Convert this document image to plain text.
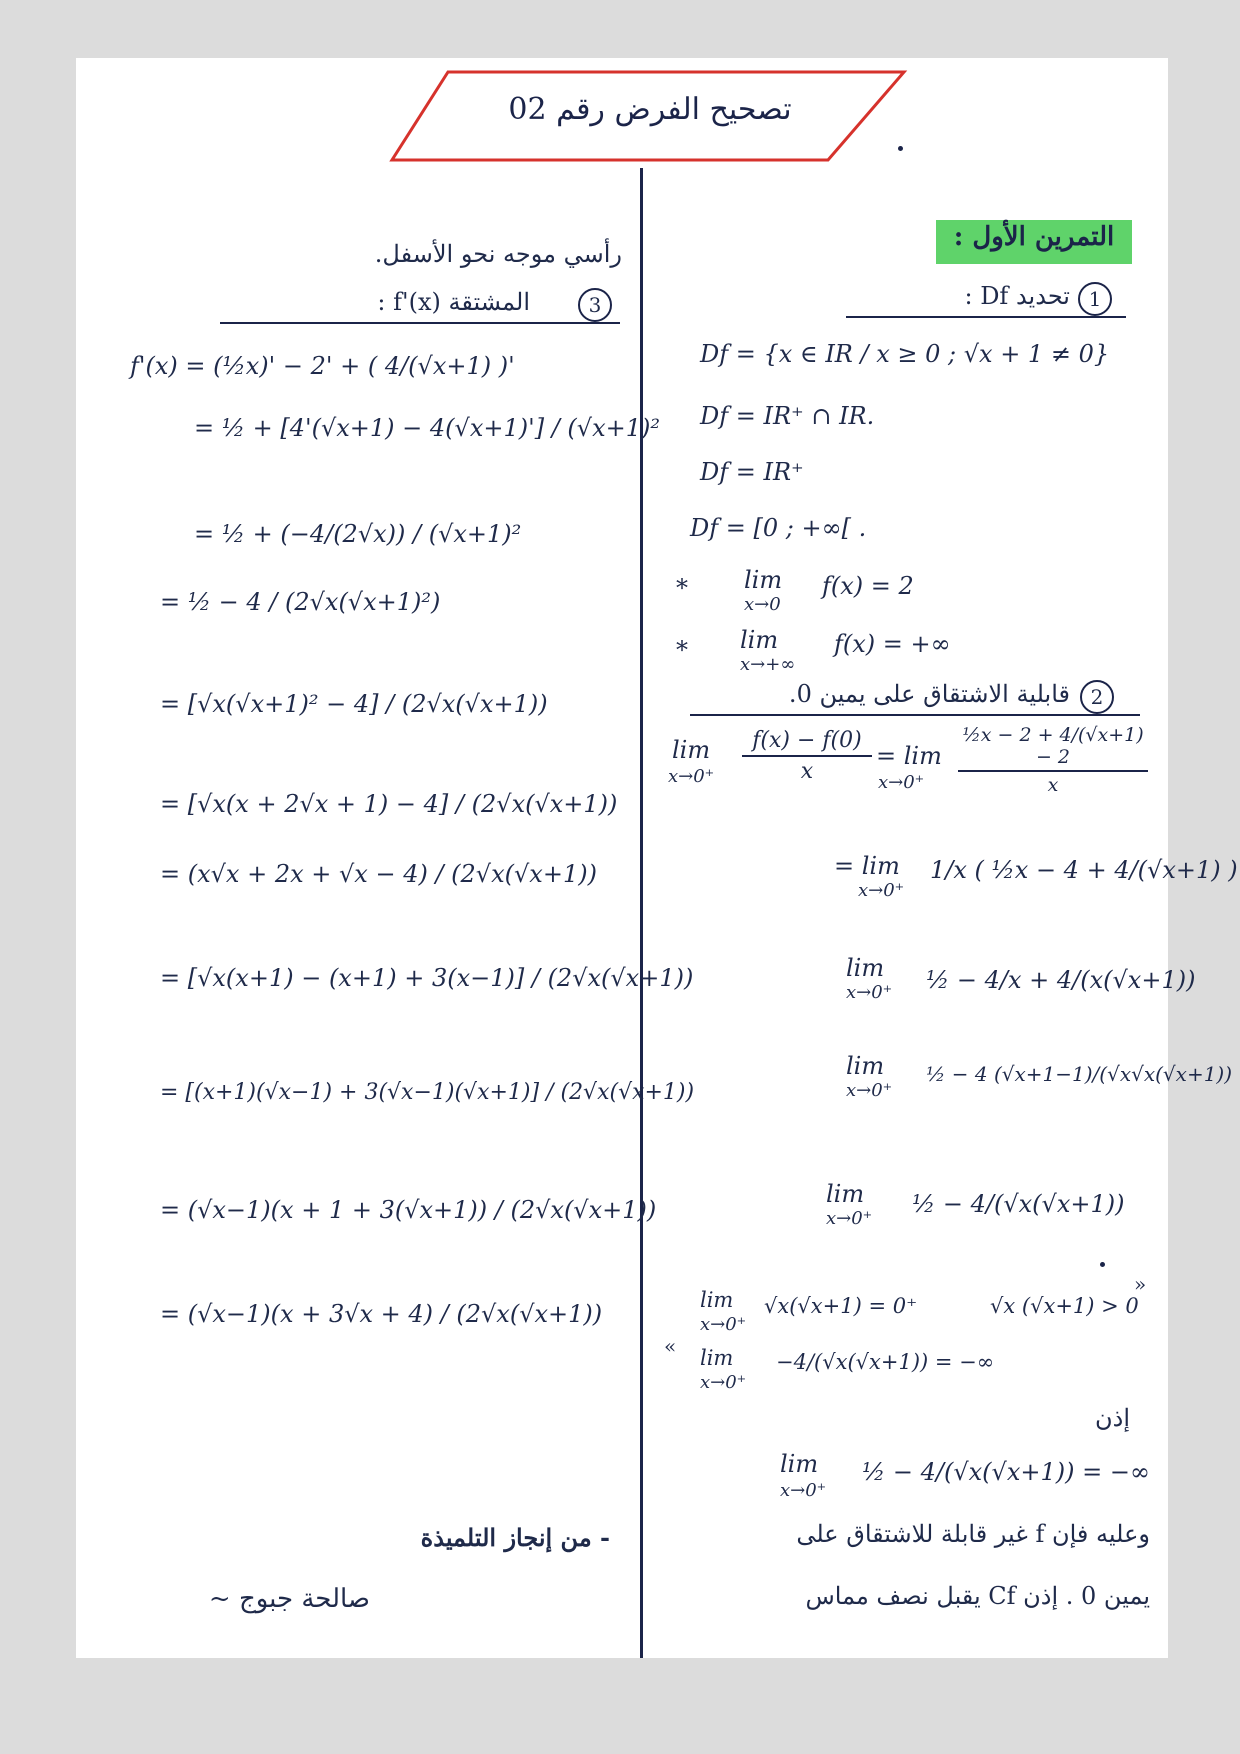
تصحيح الفرض رقم 02
التمرين الأول :
1
تحديد Df :
Df = {x ∈ IR / x ≥ 0 ; √x + 1 ≠ 0}
Df = IR⁺ ∩ IR.
Df = IR⁺
Df = [0 ; +∞[ .
* lim
x→0
f(x) = 2
* lim
x→+∞
f(x) = +∞
2
قابلية الاشتقاق على يمين 0.
lim
x→0⁺
f(x) − f(0)
x
= lim
x→0⁺
½x − 2 + 4/(√x+1) − 2
x
= lim
x→0⁺
1/x ( ½x − 4 + 4/(√x+1) )
lim
x→0⁺ ½ − 4/x + 4/(x(√x+1))
lim
x→0⁺
½ − 4 (√x+1−1)/(√x√x(√x+1))
lim
x→0⁺
½ − 4/(√x(√x+1))
»
lim
x→0⁺
√x(√x+1) = 0⁺	√x (√x+1) > 0
« lim
x→0⁺
−4/(√x(√x+1)) = −∞
إذن
lim
x→0⁺
½ − 4/(√x(√x+1)) = −∞
وعليه فإن f غير قابلة للاشتقاق على
يمين 0 . إذن Cf يقبل نصف مماس
رأسي موجه نحو الأسفل.
3
المشتقة f'(x) :
f'(x) = (½x)' − 2' + ( 4/(√x+1) )'
= ½ + [4'(√x+1) − 4(√x+1)'] / (√x+1)²
= ½ + (−4/(2√x)) / (√x+1)²
= ½ − 4 / (2√x(√x+1)²)
= [√x(√x+1)² − 4] / (2√x(√x+1))
= [√x(x + 2√x + 1) − 4] / (2√x(√x+1))
= (x√x + 2x + √x − 4) / (2√x(√x+1))
= [√x(x+1) − (x+1) + 3(x−1)] / (2√x(√x+1))
= [(x+1)(√x−1) + 3(√x−1)(√x+1)] / (2√x(√x+1))
= (√x−1)(x + 1 + 3(√x+1)) / (2√x(√x+1))
= (√x−1)(x + 3√x + 4) / (2√x(√x+1))
- من إنجاز التلميذة
صالحة جبوج ~
